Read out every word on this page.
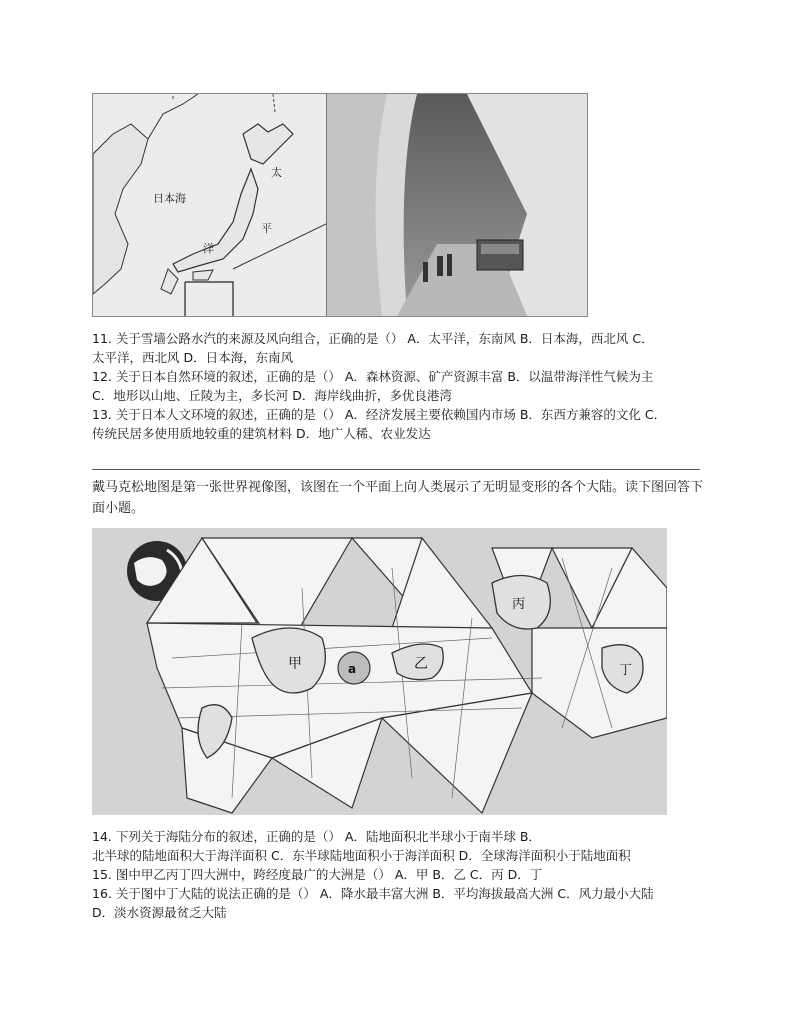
日本海
太
平
洋
11. 关于雪墙公路水汽的来源及风向组合，正确的是（） A．太平洋，东南风 B．日本海，西北风 C．
太平洋，西北风 D．日本海，东南风
12. 关于日本自然环境的叙述，正确的是（） A．森林资源、矿产资源丰富 B．以温带海洋性气候为主
C．地形以山地、丘陵为主，多长河 D．海岸线曲折，多优良港湾
13. 关于日本人文环境的叙述，正确的是（） A．经济发展主要依赖国内市场 B．东西方兼容的文化 C．
传统民居多使用质地较重的建筑材料 D．地广人稀、农业发达
戴马克松地图是第一张世界视像图，该图在一个平面上向人类展示了无明显变形的各个大陆。读下图回答下面小题。
甲	a	乙
丙
丁
14. 下列关于海陆分布的叙述，正确的是（） A．陆地面积北半球小于南半球 B．
北半球的陆地面积大于海洋面积 C．东半球陆地面积小于海洋面积 D．全球海洋面积小于陆地面积
15. 图中甲乙丙丁四大洲中，跨经度最广的大洲是（） A．甲 B．乙 C．丙 D．丁
16. 关于图中丁大陆的说法正确的是（） A．降水最丰富大洲 B．平均海拔最高大洲 C．风力最小大陆
D．淡水资源最贫乏大陆
